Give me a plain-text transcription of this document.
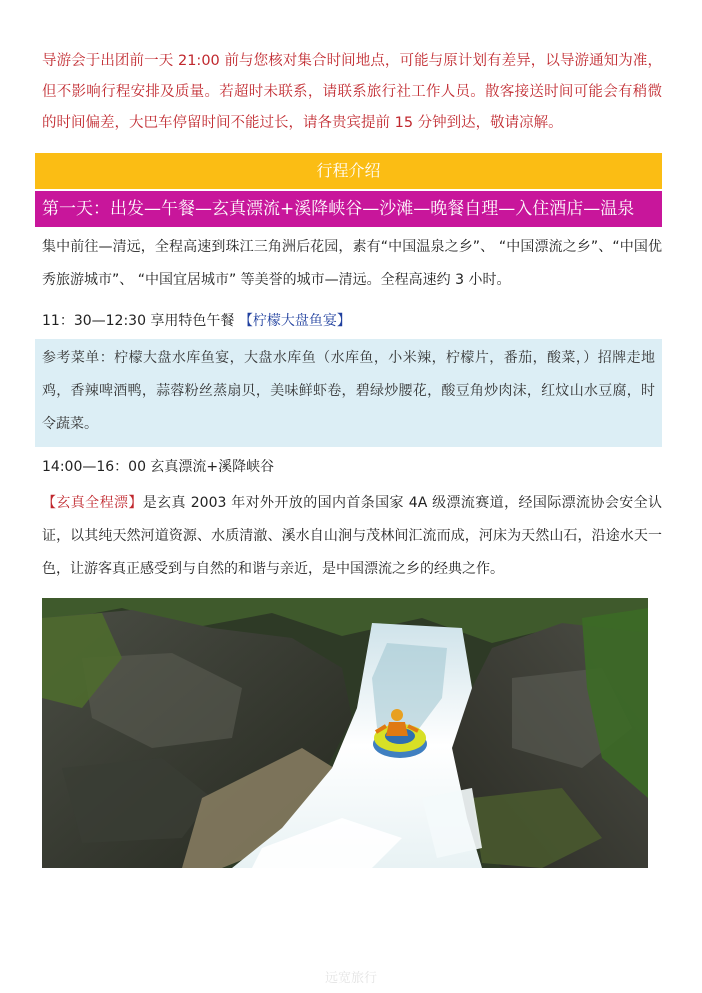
导游会于出团前一天 21:00 前与您核对集合时间地点，可能与原计划有差异，以导游通知为准， 但不影响行程安排及质量。若超时未联系，请联系旅行社工作人员。散客接送时间可能会有稍微的时间偏差，大巴车停留时间不能过长，请各贵宾提前 15 分钟到达，敬请凉解。
行程介绍
第一天：出发—午餐—玄真漂流+溪降峡谷—沙滩—晚餐自理—入住酒店—温泉
集中前往—清远，全程高速到珠江三角洲后花园，素有“中国温泉之乡”、 “中国漂流之乡”、“中国优秀旅游城市”、 “中国宜居城市” 等美誉的城市—清远。全程高速约 3 小时。
11：30—12:30 享用特色午餐 【柠檬大盘鱼宴】
参考菜单：柠檬大盘水库鱼宴，大盘水库鱼（水库鱼，小米辣，柠檬片，番茄，酸菜，）招牌走地鸡，香辣啤酒鸭，蒜蓉粉丝蒸扇贝，美味鲜虾卷，碧绿炒腰花，酸豆角炒肉沫，红炆山水豆腐，时令蔬菜。
14:00—16：00 玄真漂流+溪降峡谷
【玄真全程漂】是玄真 2003 年对外开放的国内首条国家 4A 级漂流赛道，经国际漂流协会安全认证，以其纯天然河道资源、水质清澈、溪水自山涧与茂林间汇流而成，河床为天然山石，沿途水天一色，让游客真正感受到与自然的和谐与亲近，是中国漂流之乡的经典之作。
远宽旅行
